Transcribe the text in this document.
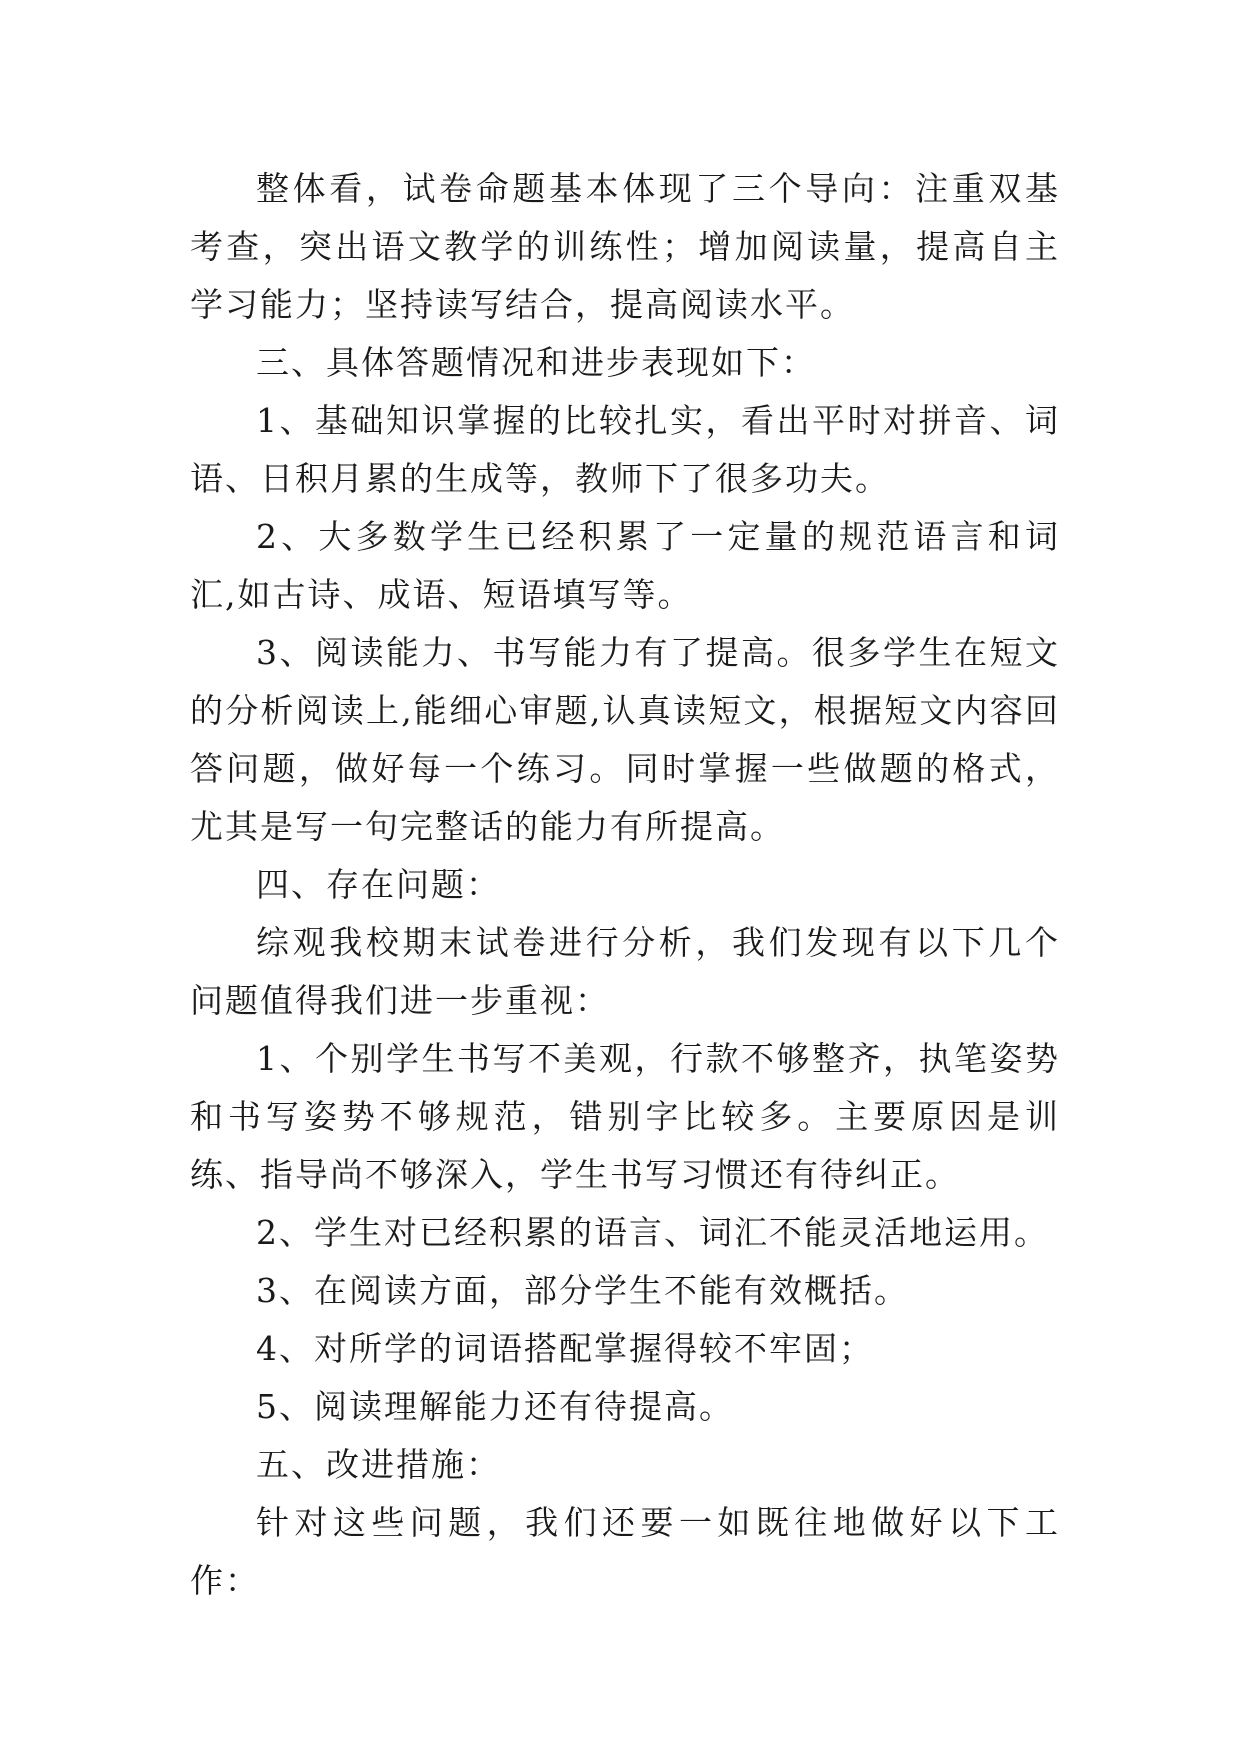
整体看，试卷命题基本体现了三个导向：注重双基考查，突出语文教学的训练性；增加阅读量，提高自主学习能力；坚持读写结合，提高阅读水平。

三、具体答题情况和进步表现如下：

1、基础知识掌握的比较扎实，看出平时对拼音、词语、日积月累的生成等，教师下了很多功夫。

2、大多数学生已经积累了一定量的规范语言和词汇,如古诗、成语、短语填写等。

3、阅读能力、书写能力有了提高。很多学生在短文的分析阅读上,能细心审题,认真读短文，根据短文内容回答问题，做好每一个练习。同时掌握一些做题的格式，尤其是写一句完整话的能力有所提高。

四、存在问题：

综观我校期末试卷进行分析，我们发现有以下几个问题值得我们进一步重视：

1、个别学生书写不美观，行款不够整齐，执笔姿势和书写姿势不够规范，错别字比较多。主要原因是训练、指导尚不够深入，学生书写习惯还有待纠正。

2、学生对已经积累的语言、词汇不能灵活地运用。

3、在阅读方面，部分学生不能有效概括。

4、对所学的词语搭配掌握得较不牢固；

5、阅读理解能力还有待提高。

五、改进措施：

针对这些问题，我们还要一如既往地做好以下工作：
